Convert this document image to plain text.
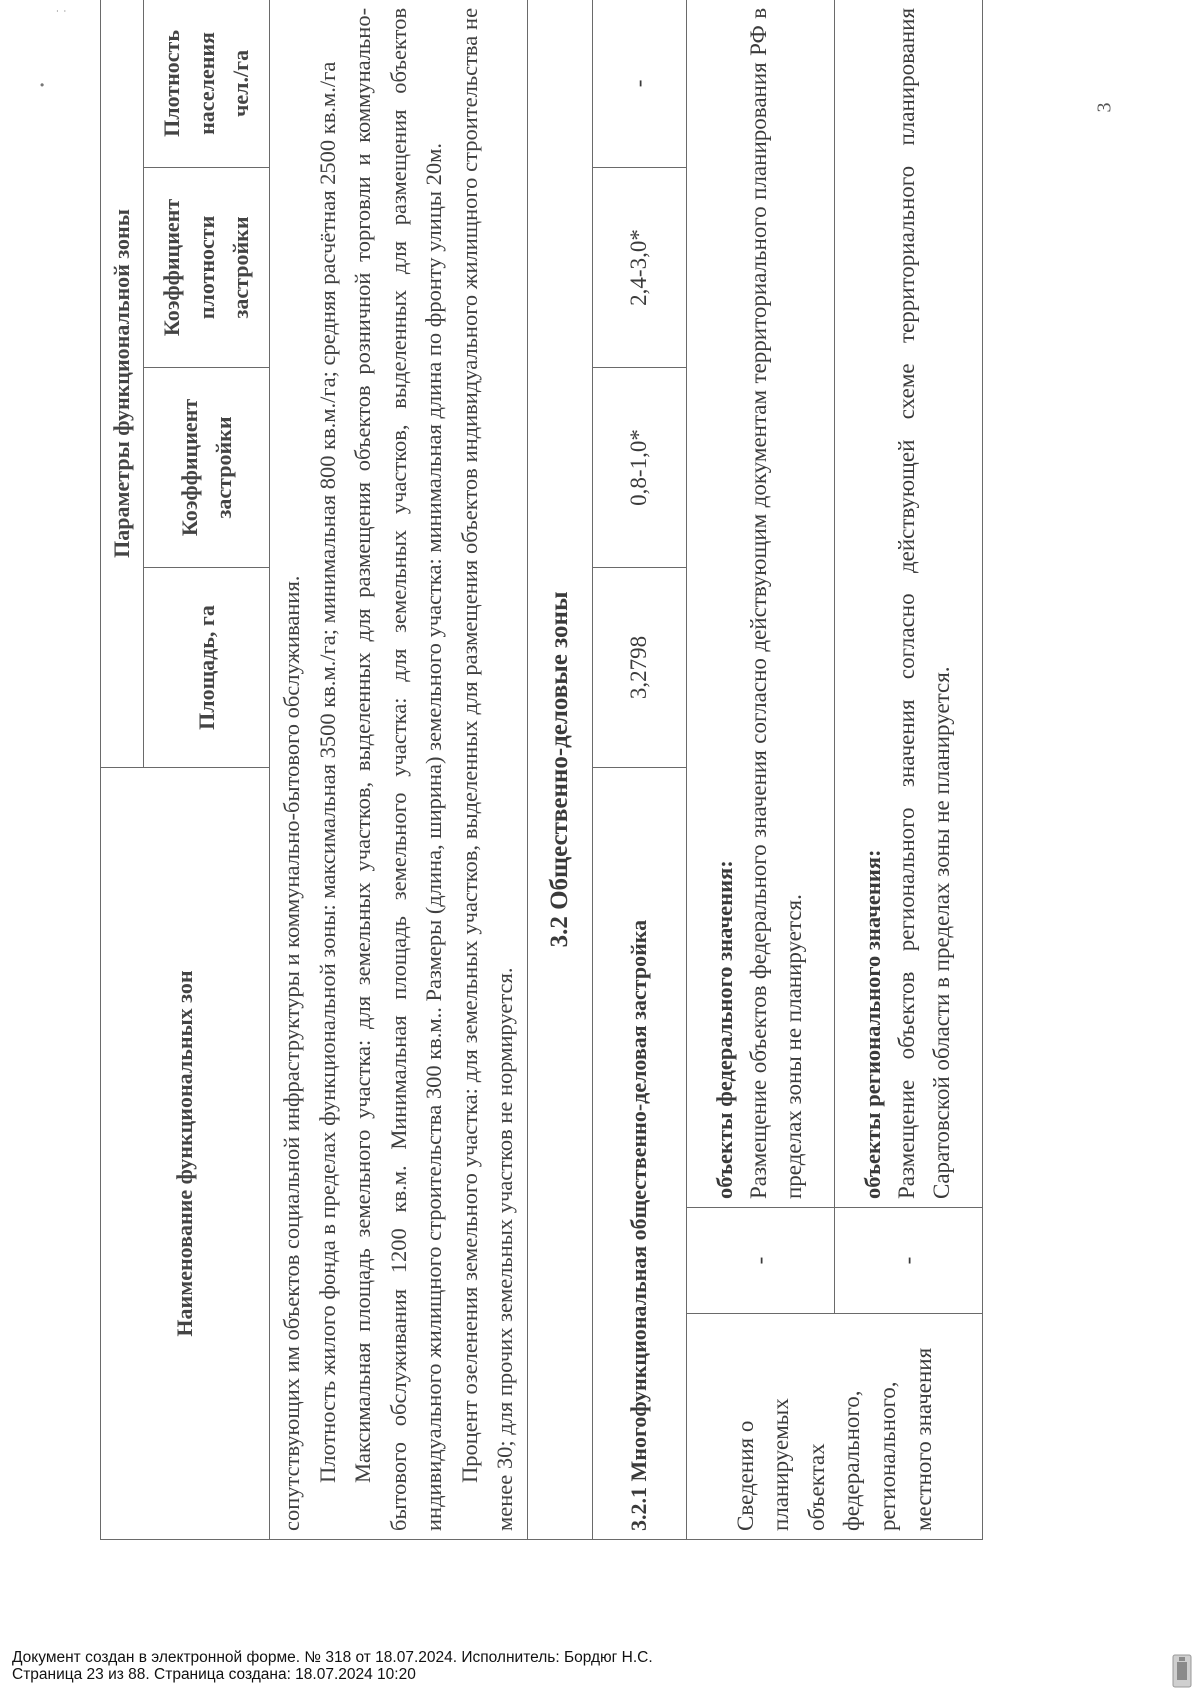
˙ ˙
•
Наименование функциональных зон			Параметры функциональной зоны				
			Площадь, га	Коэффициент застройки	Коэффициент плотности застройки	Плотность населения чел./га	

сопутствующих им объектов социальной инфраструктуры и коммунально-бытового обслуживания. Плотность жилого фонда в пределах функциональной зоны: максимальная 3500 кв.м./га; минимальная 800 кв.м./га; средняя расчётная 2500 кв.м./га Максимальная площадь земельного участка: для земельных участков, выделенных для размещения объектов розничной торговли и коммунально-бытового обслуживания 1200 кв.м. Минимальная площадь земельного участка: для земельных участков, выделенных для размещения объектов индивидуального жилищного строительства 300 кв.м.. Размеры (длина, ширина) земельного участка: минимальная длина по фронту улицы 20м. Процент озеленения земельного участка: для земельных участков, выделенных для размещения объектов индивидуального жилищного строительства не менее 30; для прочих земельных участков не нормируется.							

3.2 Общественно-деловые зоны							
3.2.1 Многофункциональная общественно-деловая застройка			3,2798	0,8-1,0*	2,4-3,0*	-	
Сведения о планируемых объектах федерального, регионального, местного значения	-	объекты федерального значения: Размещение объектов федерального значения согласно действующим документам территориального планирования РФ в пределах зоны не планируется.					

	-	объекты регионального значения: Размещение объектов регионального значения согласно действующей схеме территориального планирования Саратовской области в пределах зоны не планируется.					
3
Документ создан в электронной форме. № 318 от 18.07.2024. Исполнитель: Бордюг Н.С.
Страница 23 из 88. Страница создана: 18.07.2024 10:20
